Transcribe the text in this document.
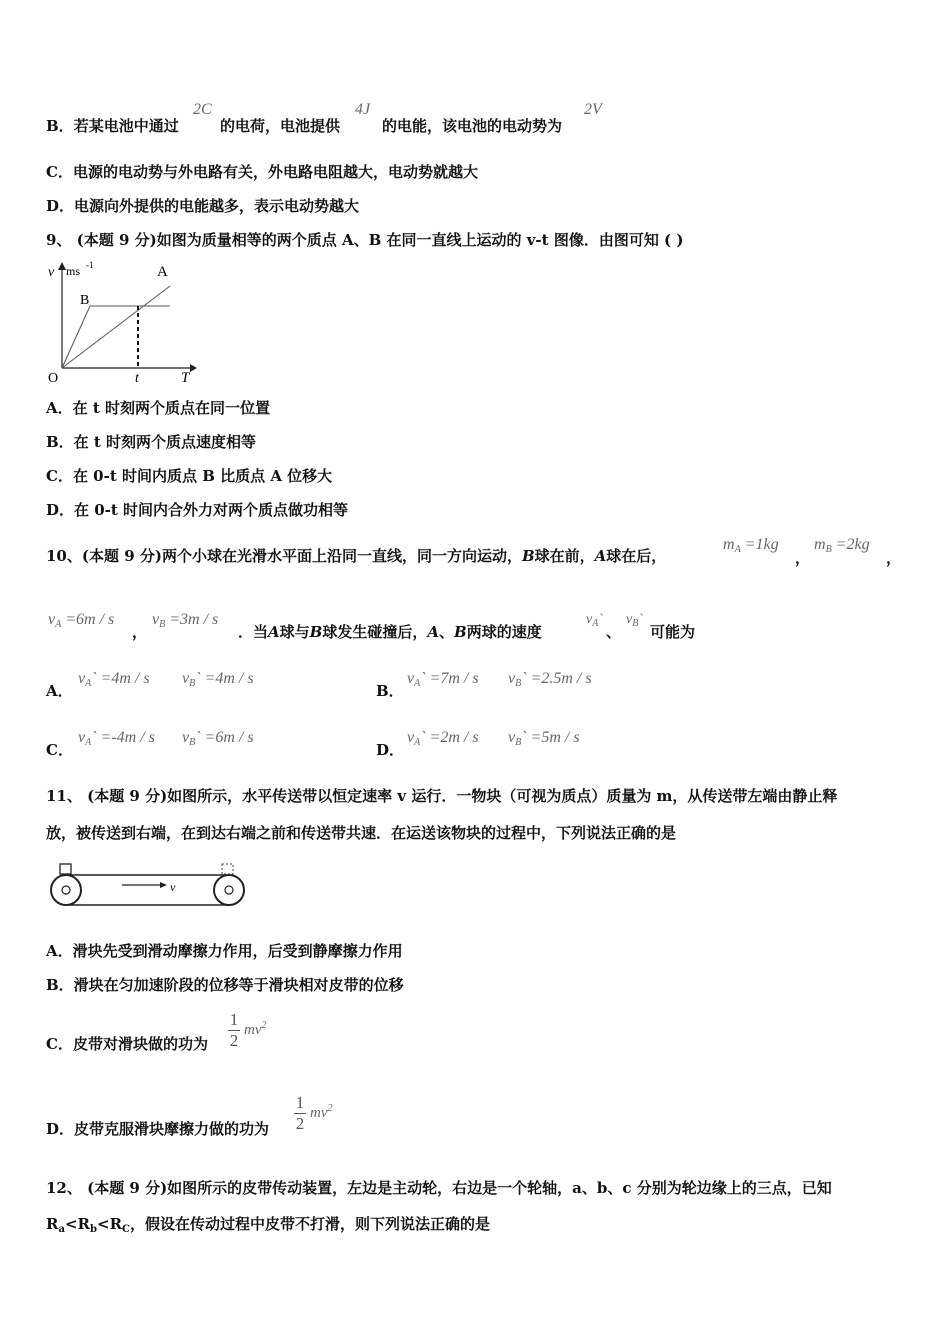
B．若某电池中通过
2C
的电荷，电池提供
4J
的电能，该电池的电动势为
2V
C．电源的电动势与外电路有关，外电路电阻越大，电动势就越大
D．电源向外提供的电能越多，表示电动势越大
9、 (本题 9 分)如图为质量相等的两个质点 A、B 在同一直线上运动的 v-t 图像．由图可知 ( )
v ms -1	A
B
O	t	T
A．在 t 时刻两个质点在同一位置
B．在 t 时刻两个质点速度相等
C．在 0-t 时间内质点 B 比质点 A 位移大
D．在 0-t 时间内合外力对两个质点做功相等
10、(本题 9 分)两个小球在光滑水平面上沿同一直线，同一方向运动，B球在前，A球在后，
$m_A =1kg$
，
$m_B =2kg$
，
$v_A =6m / s$
，
$v_B =3m / s$
．当A球与B球发生碰撞后，A、B两球的速度
$v_A`$
、
$v_B`$
可能为
A．
$v_A` =4m / s$ $v_B` =4m / s$
B．
$v_A` =7m / s$ $v_B` =2.5m / s$
C．
$v_A` =-4m / s$ $v_B` =6m / s$
D．
$v_A` =2m / s$ $v_B` =5m / s$
11、 (本题 9 分)如图所示，水平传送带以恒定速率 v 运行．一物块（可视为质点）质量为 m，从传送带左端由静止释
放，被传送到右端，在到达右端之前和传送带共速．在运送该物块的过程中，下列说法正确的是
v
A．滑块先受到滑动摩擦力作用，后受到静摩擦力作用
B．滑块在匀加速阶段的位移等于滑块相对皮带的位移
C．皮带对滑块做的功为
1
2
$mv^2$
D．皮带克服滑块摩擦力做的功为
1
2
$mv^2$
12、 (本题 9 分)如图所示的皮带传动装置，左边是主动轮，右边是一个轮轴，a、b、c 分别为轮边缘上的三点，已知
$R_a<R_b<R_C$，假设在传动过程中皮带不打滑，则下列说法正确的是
